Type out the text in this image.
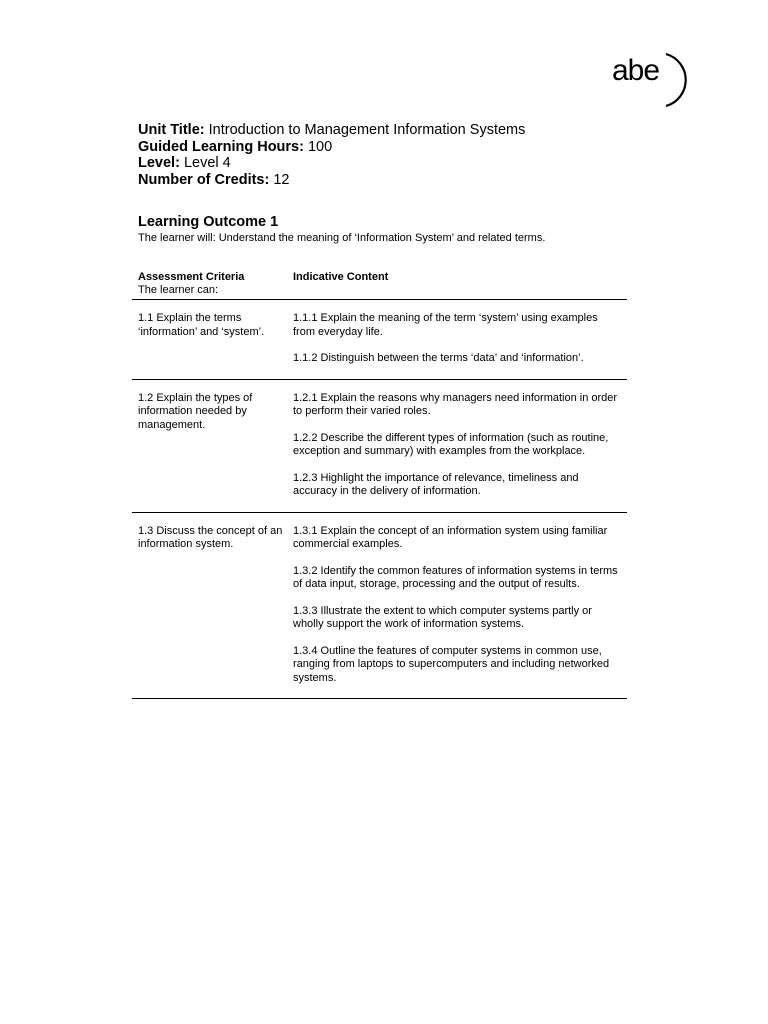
abe
Unit Title: Introduction to Management Information Systems
Guided Learning Hours: 100
Level: Level 4
Number of Credits: 12
Learning Outcome 1
The learner will: Understand the meaning of ‘Information System’ and related terms.
Assessment Criteria
The learner can:
Indicative Content
1.1 Explain the terms ‘information’ and ‘system’.

1.1.1 Explain the meaning of the term ‘system’ using examples from everyday life.

1.1.2 Distinguish between the terms ‘data’ and ‘information’.

1.2 Explain the types of information needed by management.

1.2.1 Explain the reasons why managers need information in order to perform their varied roles.

1.2.2 Describe the different types of information (such as routine, exception and summary) with examples from the workplace.

1.2.3 Highlight the importance of relevance, timeliness and accuracy in the delivery of information.

1.3 Discuss the concept of an information system.

1.3.1 Explain the concept of an information system using familiar commercial examples.

1.3.2 Identify the common features of information systems in terms of data input, storage, processing and the output of results.

1.3.3 Illustrate the extent to which computer systems partly or wholly support the work of information systems.

1.3.4 Outline the features of computer systems in common use, ranging from laptops to supercomputers and including networked systems.
